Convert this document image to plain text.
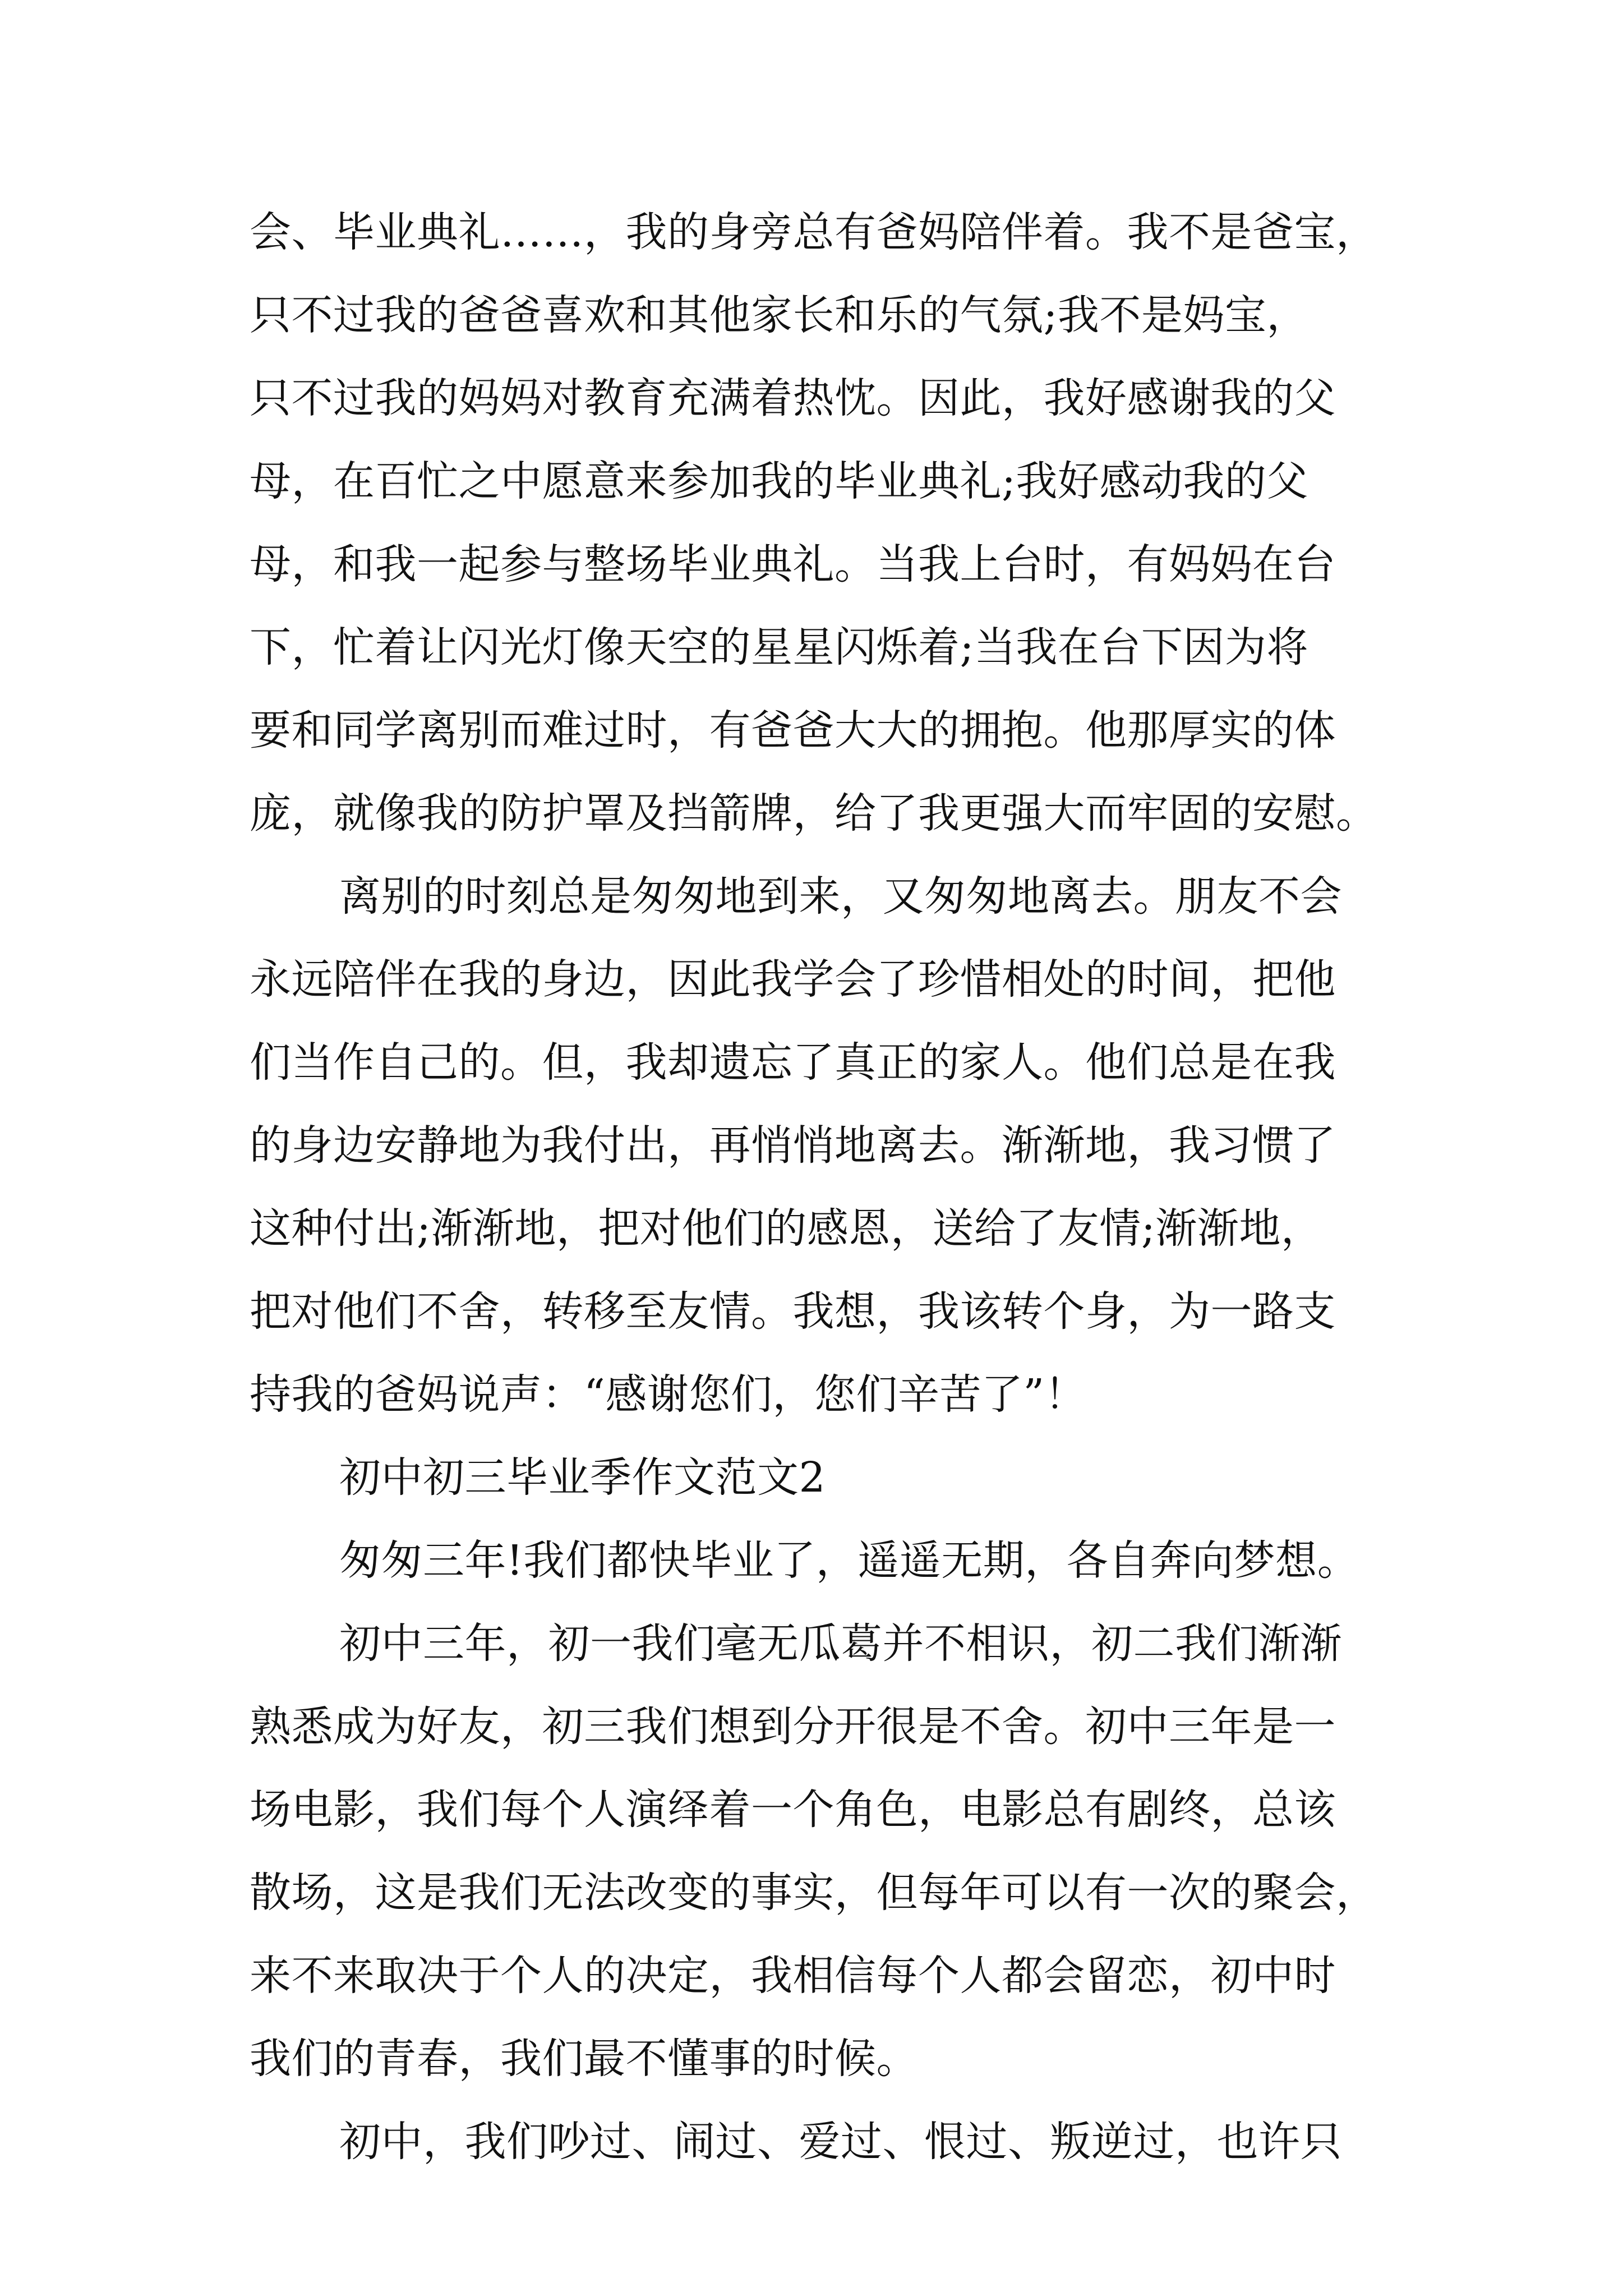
会、毕业典礼……，我的身旁总有爸妈陪伴着。我不是爸宝，
只不过我的爸爸喜欢和其他家长和乐的气氛;我不是妈宝，
只不过我的妈妈对教育充满着热忱。因此，我好感谢我的父
母，在百忙之中愿意来参加我的毕业典礼;我好感动我的父
母，和我一起参与整场毕业典礼。当我上台时，有妈妈在台
下，忙着让闪光灯像天空的星星闪烁着;当我在台下因为将
要和同学离别而难过时，有爸爸大大的拥抱。他那厚实的体
庞，就像我的防护罩及挡箭牌，给了我更强大而牢固的安慰。
离别的时刻总是匆匆地到来，又匆匆地离去。朋友不会
永远陪伴在我的身边，因此我学会了珍惜相处的时间，把他
们当作自己的。但，我却遗忘了真正的家人。他们总是在我
的身边安静地为我付出，再悄悄地离去。渐渐地，我习惯了
这种付出;渐渐地，把对他们的感恩，送给了友情;渐渐地，
把对他们不舍，转移至友情。我想，我该转个身，为一路支
持我的爸妈说声：“感谢您们，您们辛苦了”！
初中初三毕业季作文范文2
匆匆三年!我们都快毕业了，遥遥无期，各自奔向梦想。
初中三年，初一我们毫无瓜葛并不相识，初二我们渐渐
熟悉成为好友，初三我们想到分开很是不舍。初中三年是一
场电影，我们每个人演绎着一个角色，电影总有剧终，总该
散场，这是我们无法改变的事实，但每年可以有一次的聚会，
来不来取决于个人的决定，我相信每个人都会留恋，初中时
我们的青春，我们最不懂事的时候。
初中，我们吵过、闹过、爱过、恨过、叛逆过，也许只
